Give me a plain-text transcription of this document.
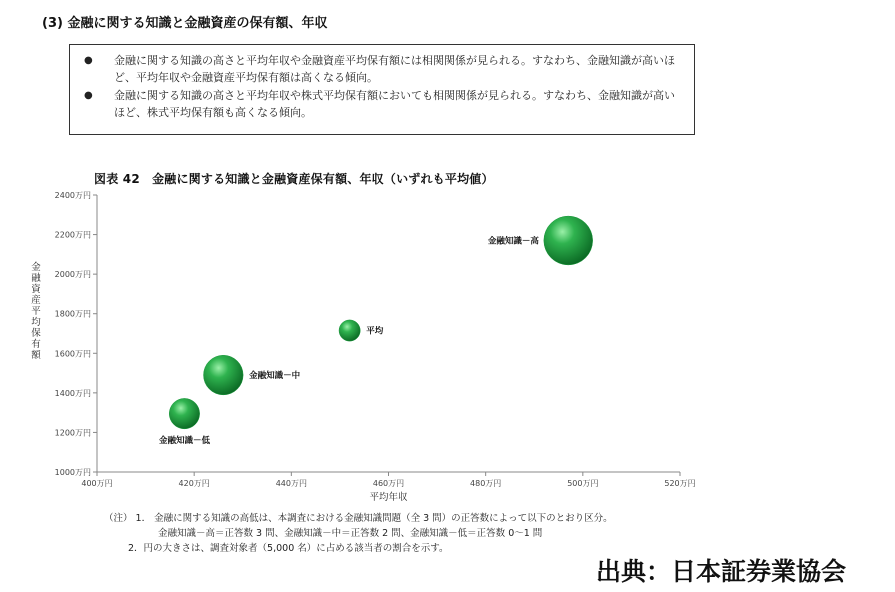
(3) 金融に関する知識と金融資産の保有額、年収
●	金融に関する知識の高さと平均年収や金融資産平均保有額には相関関係が見られる。すなわち、金融知識が高いほど、平均年収や金融資産平均保有額は高くなる傾向。
●	金融に関する知識の高さと平均年収や株式平均保有額においても相関関係が見られる。すなわち、金融知識が高いほど、株式平均保有額も高くなる傾向。
図表 42　金融に関する知識と金融資産保有額、年収（いずれも平均値）
1000万円
1200万円
1400万円
1600万円
1800万円
2000万円
2200万円
2400万円
400万円	420万円	440万円	460万円	480万円	500万円	520万円
金融知識－高
平均
金融知識－中
金融知識－低
平均年収
金融資産平均保有額
（注） 1． 金融に関する知識の高低は、本調査における金融知識問題（全 3 問）の正答数によって以下のとおり区分。
金融知識－高＝正答数 3 問、金融知識－中＝正答数 2 問、金融知識－低＝正答数 0～1 問
2．円の大きさは、調査対象者（5,000 名）に占める該当者の割合を示す。
出典：日本証券業協会
